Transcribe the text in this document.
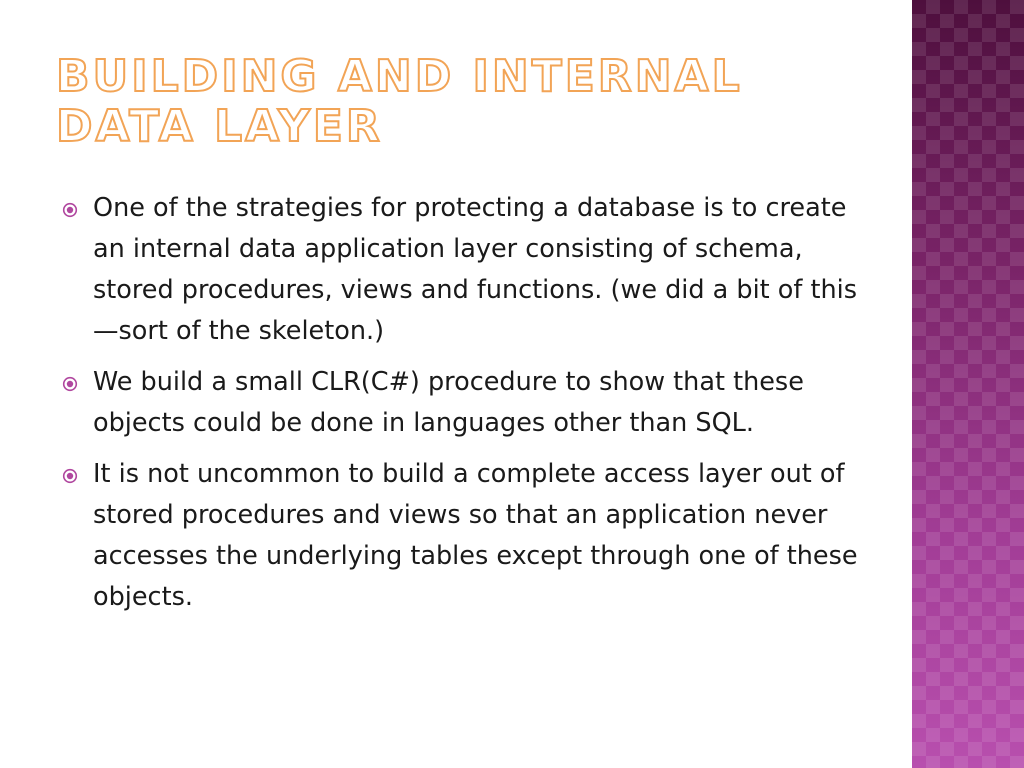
BUILDING AND INTERNAL DATA LAYER
One of the strategies for protecting a database is to create an internal data application layer consisting of schema, stored procedures, views and functions. (we did a bit of this—sort of the skeleton.)
We build a small CLR(C#) procedure to show that these objects could be done in languages other than SQL.
It is not uncommon to build a complete access layer out of stored procedures and views so that an application never accesses the underlying tables except through one of these objects.
